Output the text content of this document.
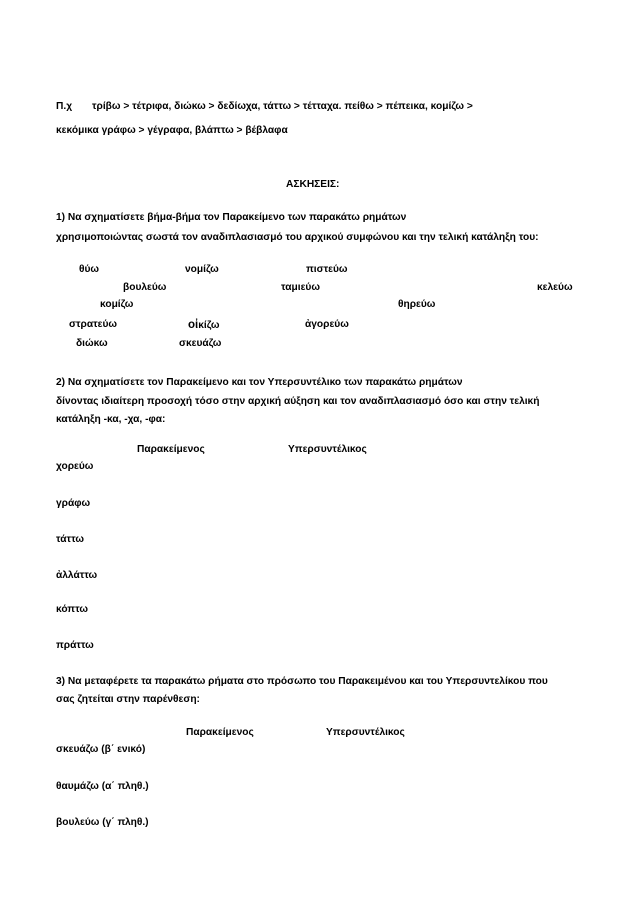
Π.χ τρίβω > τέτριφα, διώκω > δεδίωχα, τάττω > τέτταχα. πείθω > πέπεικα, κομίζω >
κεκόμικα γράφω > γέγραφα, βλάπτω > βέβλαφα
ΑΣΚΗΣΕΙΣ:
1) Να σχηματίσετε βήμα-βήμα τον Παρακείμενο των παρακάτω ρημάτων
χρησιμοποιώντας σωστά τον αναδιπλασιασμό του αρχικού συμφώνου και την τελική κατάληξη του:
θύω	νομίζω	πιστεύω
βουλεύω	ταμιεύω	κελεύω
κομίζω	θηρεύω
στρατεύω	οἰκίζω	ἀγορεύω
διώκω	σκευάζω
2) Να σχηματίσετε τον Παρακείμενο και τον Υπερσυντέλικο των παρακάτω ρημάτων
δίνοντας ιδιαίτερη προσοχή τόσο στην αρχική αύξηση και τον αναδιπλασιασμό όσο και στην τελική
κατάληξη -κα, -χα, -φα:
Παρακείμενος	Υπερσυντέλικος
χορεύω
γράφω
τάττω
ἀλλάττω
κόπτω
πράττω
3) Να μεταφέρετε τα παρακάτω ρήματα στο πρόσωπο του Παρακειμένου και του Υπερσυντελίκου που
σας ζητείται στην παρένθεση:
Παρακείμενος	Υπερσυντέλικος
σκευάζω (β΄ ενικό)
θαυμάζω (α΄ πληθ.)
βουλεύω (γ΄ πληθ.)
